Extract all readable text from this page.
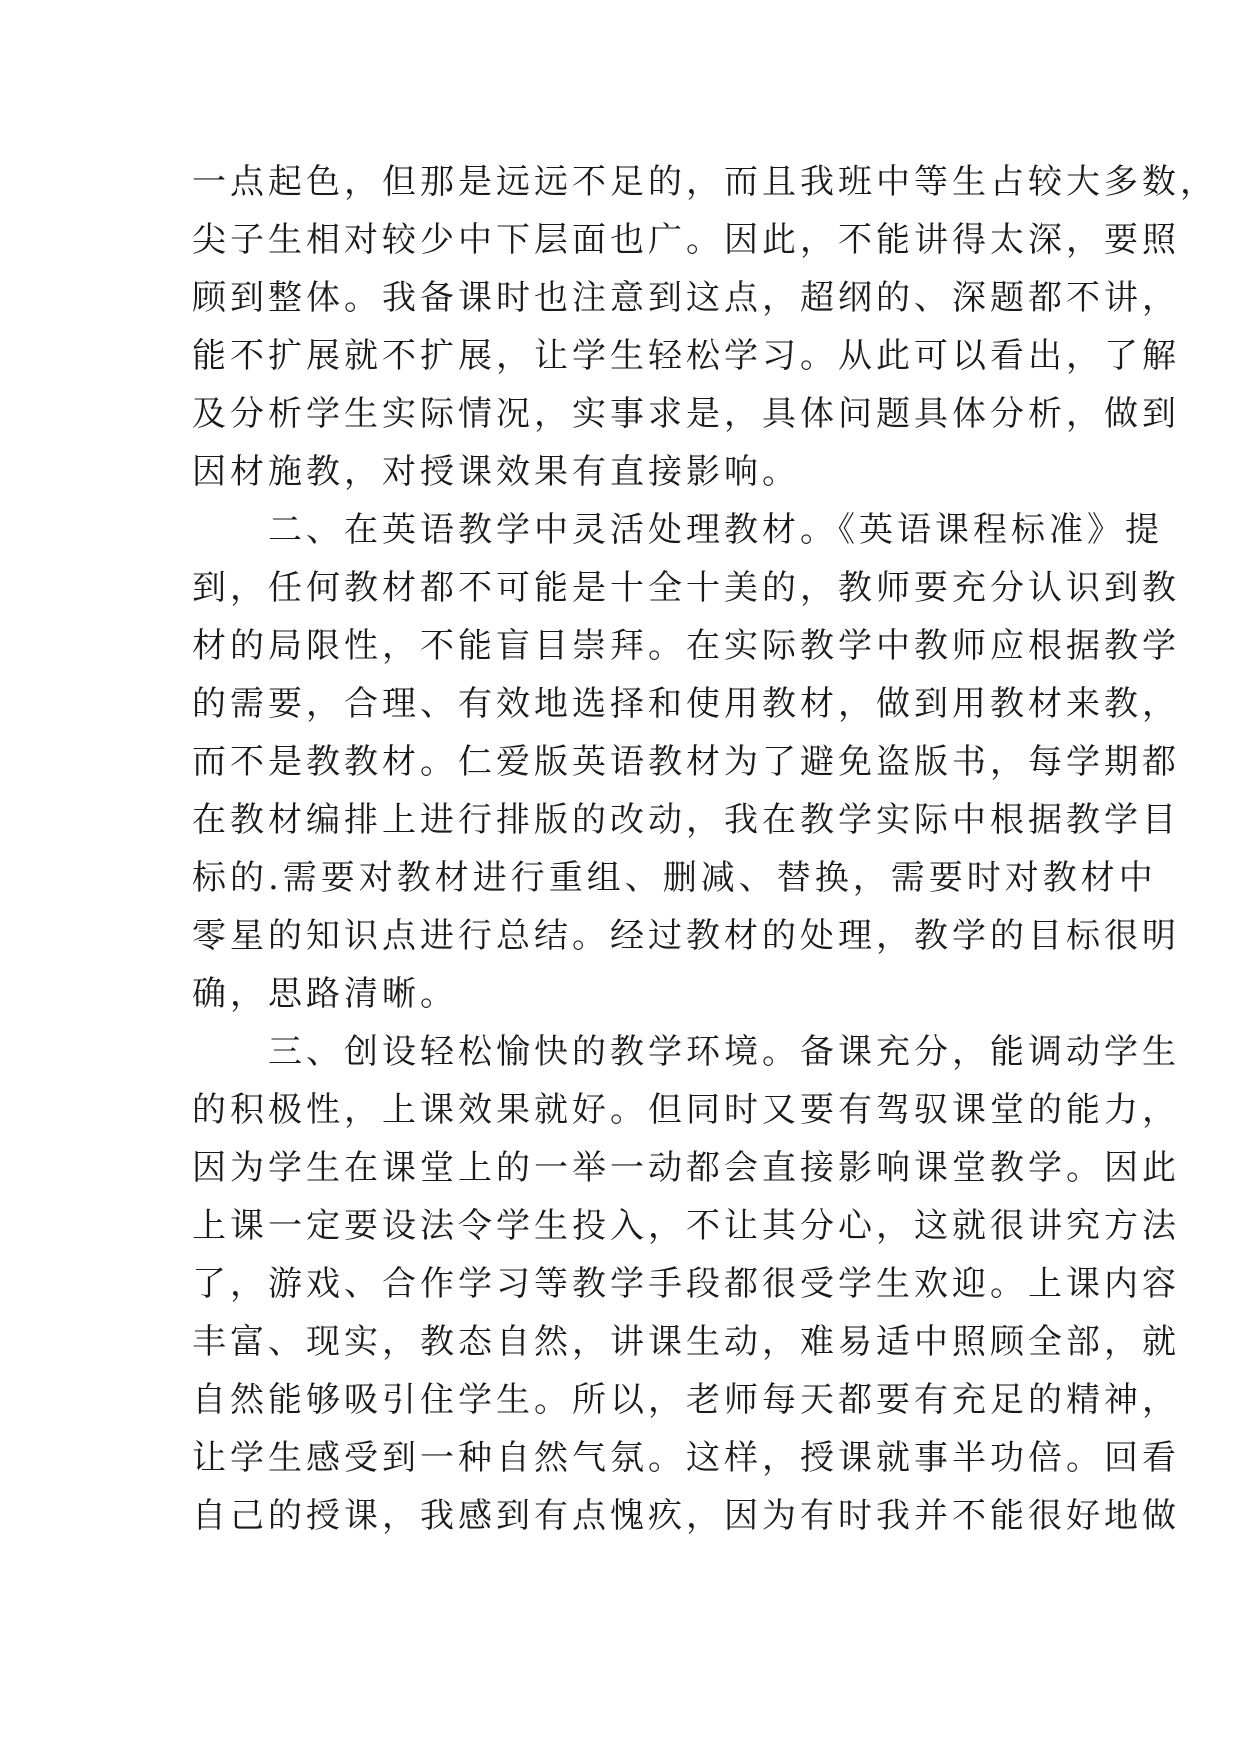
一点起色，但那是远远不足的，而且我班中等生占较大多数，
尖子生相对较少中下层面也广。因此，不能讲得太深，要照
顾到整体。我备课时也注意到这点，超纲的、深题都不讲，
能不扩展就不扩展，让学生轻松学习。从此可以看出，了解
及分析学生实际情况，实事求是，具体问题具体分析，做到
因材施教，对授课效果有直接影响。
　　二、在英语教学中灵活处理教材。《英语课程标准》提
到，任何教材都不可能是十全十美的，教师要充分认识到教
材的局限性，不能盲目崇拜。在实际教学中教师应根据教学
的需要，合理、有效地选择和使用教材，做到用教材来教，
而不是教教材。仁爱版英语教材为了避免盗版书，每学期都
在教材编排上进行排版的改动，我在教学实际中根据教学目
标的.需要对教材进行重组、删减、替换，需要时对教材中
零星的知识点进行总结。经过教材的处理，教学的目标很明
确，思路清晰。
　　三、创设轻松愉快的教学环境。备课充分，能调动学生
的积极性，上课效果就好。但同时又要有驾驭课堂的能力，
因为学生在课堂上的一举一动都会直接影响课堂教学。因此
上课一定要设法令学生投入，不让其分心，这就很讲究方法
了，游戏、合作学习等教学手段都很受学生欢迎。上课内容
丰富、现实，教态自然，讲课生动，难易适中照顾全部，就
自然能够吸引住学生。所以，老师每天都要有充足的精神，
让学生感受到一种自然气氛。这样，授课就事半功倍。回看
自己的授课，我感到有点愧疚，因为有时我并不能很好地做
